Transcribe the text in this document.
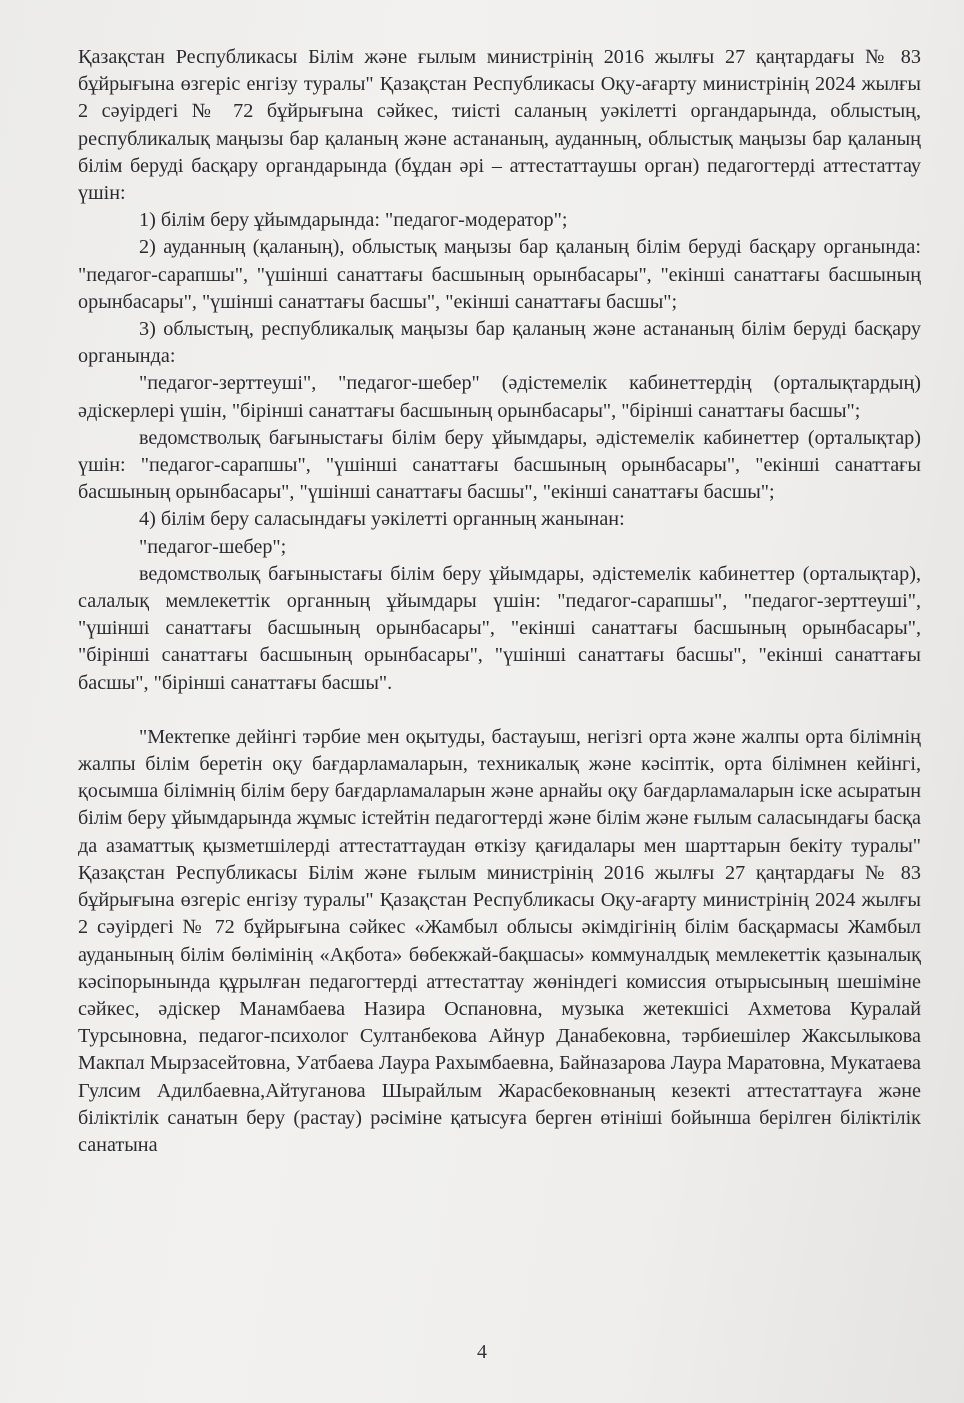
Қазақстан Республикасы Білім және ғылым министрінің 2016 жылғы 27 қаңтардағы № 83 бұйрығына өзгеріс енгізу туралы" Қазақстан Республикасы Оқу-ағарту министрінің 2024 жылғы 2 сәуірдегі № 72 бұйрығына сәйкес, тиісті саланың уәкілетті органдарында, облыстың, республикалық маңызы бар қаланың және астананың, ауданның, облыстық маңызы бар қаланың білім беруді басқару органдарында (бұдан әрі – аттестаттаушы орган) педагогтерді аттестаттау үшін:

1) білім беру ұйымдарында: "педагог-модератор";

2) ауданның (қаланың), облыстық маңызы бар қаланың білім беруді басқару органында: "педагог-сарапшы", "үшінші санаттағы басшының орынбасары", "екінші санаттағы басшының орынбасары", "үшінші санаттағы басшы", "екінші санаттағы басшы";

3) облыстың, республикалық маңызы бар қаланың және астананың білім беруді басқару органында:

"педагог-зерттеуші", "педагог-шебер" (әдістемелік кабинеттердің (орталықтардың) әдіскерлері үшін, "бірінші санаттағы басшының орынбасары", "бірінші санаттағы басшы";

ведомстволық бағыныстағы білім беру ұйымдары, әдістемелік кабинеттер (орталықтар) үшін: "педагог-сарапшы", "үшінші санаттағы басшының орынбасары", "екінші санаттағы басшының орынбасары", "үшінші санаттағы басшы", "екінші санаттағы басшы";

4) білім беру саласындағы уәкілетті органның жанынан:

"педагог-шебер";

ведомстволық бағыныстағы білім беру ұйымдары, әдістемелік кабинеттер (орталықтар), салалық мемлекеттік органның ұйымдары үшін: "педагог-сарапшы", "педагог-зерттеуші", "үшінші санаттағы басшының орынбасары", "екінші санаттағы басшының орынбасары", "бірінші санаттағы басшының орынбасары", "үшінші санаттағы басшы", "екінші санаттағы басшы", "бірінші санаттағы басшы".

"Мектепке дейінгі тәрбие мен оқытуды, бастауыш, негізгі орта және жалпы орта білімнің жалпы білім беретін оқу бағдарламаларын, техникалық және кәсіптік, орта білімнен кейінгі, қосымша білімнің білім беру бағдарламаларын және арнайы оқу бағдарламаларын іске асыратын білім беру ұйымдарында жұмыс істейтін педагогтерді және білім және ғылым саласындағы басқа да азаматтық қызметшілерді аттестаттаудан өткізу қағидалары мен шарттарын бекіту туралы" Қазақстан Республикасы Білім және ғылым министрінің 2016 жылғы 27 қаңтардағы № 83 бұйрығына өзгеріс енгізу туралы" Қазақстан Республикасы Оқу-ағарту министрінің 2024 жылғы 2 сәуірдегі № 72 бұйрығына сәйкес «Жамбыл облысы әкімдігінің білім басқармасы Жамбыл ауданының білім бөлімінің «Ақбота» бөбекжай-бақшасы» коммуналдық мемлекеттік қазыналық кәсіпорынында құрылған педагогтерді аттестаттау жөніндегі комиссия отырысының шешіміне сәйкес, әдіскер Манамбаева Назира Оспановна, музыка жетекшісі Ахметова Куралай Турсыновна, педагог-психолог Султанбекова Айнур Данабековна, тәрбиешілер Жаксылыкова Макпал Мырзасейтовна, Уатбаева Лаура Рахымбаевна, Байназарова Лаура Маратовна, Мукатаева Гулсим Адилбаевна,Айтуганова Шырайлым Жарасбековнаның кезекті аттестаттауға және біліктілік санатын беру (растау) рәсіміне қатысуға берген өтініші бойынша берілген біліктілік санатына

4
